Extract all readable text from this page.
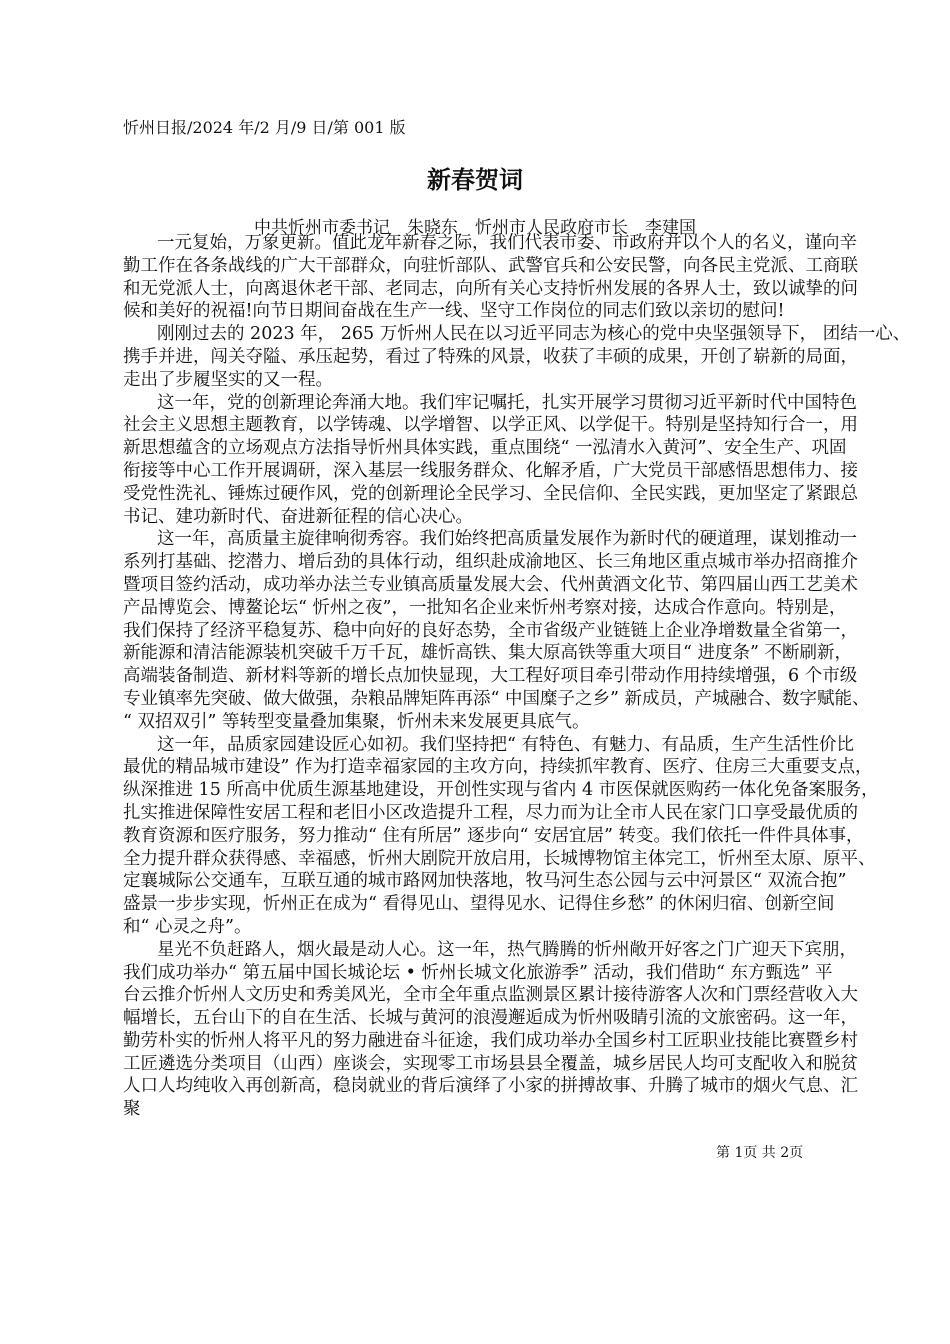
忻州日报/2024 年/2 月/9 日/第 001 版
新春贺词
中共忻州市委书记　朱晓东　忻州市人民政府市长　李建国
一元复始，万象更新。值此龙年新春之际，我们代表市委、市政府并以个人的名义，谨向辛
勤工作在各条战线的广大干部群众，向驻忻部队、武警官兵和公安民警，向各民主党派、工商联
和无党派人士，向离退休老干部、老同志，向所有关心支持忻州发展的各界人士，致以诚挚的问
候和美好的祝福!向节日期间奋战在生产一线、坚守工作岗位的同志们致以亲切的慰问!
刚刚过去的 2023 年， 265 万忻州人民在以习近平同志为核心的党中央坚强领导下， 团结一心、
携手并进，闯关夺隘、承压起势，看过了特殊的风景，收获了丰硕的成果，开创了崭新的局面，
走出了步履坚实的又一程。
这一年，党的创新理论奔涌大地。我们牢记嘱托，扎实开展学习贯彻习近平新时代中国特色
社会主义思想主题教育，以学铸魂、以学增智、以学正风、以学促干。特别是坚持知行合一，用
新思想蕴含的立场观点方法指导忻州具体实践，重点围绕“ 一泓清水入黄河”、安全生产、巩固
衔接等中心工作开展调研，深入基层一线服务群众、化解矛盾，广大党员干部感悟思想伟力、接
受党性洗礼、锤炼过硬作风，党的创新理论全民学习、全民信仰、全民实践，更加坚定了紧跟总
书记、建功新时代、奋进新征程的信心决心。
这一年，高质量主旋律响彻秀容。我们始终把高质量发展作为新时代的硬道理，谋划推动一
系列打基础、挖潜力、增后劲的具体行动，组织赴成渝地区、长三角地区重点城市举办招商推介
暨项目签约活动，成功举办法兰专业镇高质量发展大会、代州黄酒文化节、第四届山西工艺美术
产品博览会、博鳌论坛“ 忻州之夜”，一批知名企业来忻州考察对接，达成合作意向。特别是，
我们保持了经济平稳复苏、稳中向好的良好态势，全市省级产业链链上企业净增数量全省第一，
新能源和清洁能源装机突破千万千瓦，雄忻高铁、集大原高铁等重大项目“ 进度条” 不断刷新，
高端装备制造、新材料等新的增长点加快显现，大工程好项目牵引带动作用持续增强，6 个市级
专业镇率先突破、做大做强，杂粮品牌矩阵再添“ 中国糜子之乡” 新成员，产城融合、数字赋能、
“ 双招双引” 等转型变量叠加集聚，忻州未来发展更具底气。
这一年，品质家园建设匠心如初。我们坚持把“ 有特色、有魅力、有品质，生产生活性价比
最优的精品城市建设” 作为打造幸福家园的主攻方向，持续抓牢教育、医疗、住房三大重要支点，
纵深推进 15 所高中优质生源基地建设，开创性实现与省内 4 市医保就医购药一体化免备案服务，
扎实推进保障性安居工程和老旧小区改造提升工程，尽力而为让全市人民在家门口享受最优质的
教育资源和医疗服务，努力推动“ 住有所居” 逐步向“ 安居宜居” 转变。我们依托一件件具体事，
全力提升群众获得感、幸福感，忻州大剧院开放启用，长城博物馆主体完工，忻州至太原、原平、
定襄城际公交通车，互联互通的城市路网加快落地，牧马河生态公园与云中河景区“ 双流合抱”
盛景一步步实现，忻州正在成为“ 看得见山、望得见水、记得住乡愁” 的休闲归宿、创新空间
和“ 心灵之舟”。
星光不负赶路人，烟火最是动人心。这一年，热气腾腾的忻州敞开好客之门广迎天下宾朋，
我们成功举办“ 第五届中国长城论坛 • 忻州长城文化旅游季” 活动，我们借助“ 东方甄选” 平
台云推介忻州人文历史和秀美风光，全市全年重点监测景区累计接待游客人次和门票经营收入大
幅增长，五台山下的自在生活、长城与黄河的浪漫邂逅成为忻州吸睛引流的文旅密码。这一年，
勤劳朴实的忻州人将平凡的努力融进奋斗征途，我们成功举办全国乡村工匠职业技能比赛暨乡村
工匠遴选分类项目（山西）座谈会，实现零工市场县县全覆盖，城乡居民人均可支配收入和脱贫
人口人均纯收入再创新高，稳岗就业的背后演绎了小家的拼搏故事、升腾了城市的烟火气息、汇
聚
第 1页 共 2页
